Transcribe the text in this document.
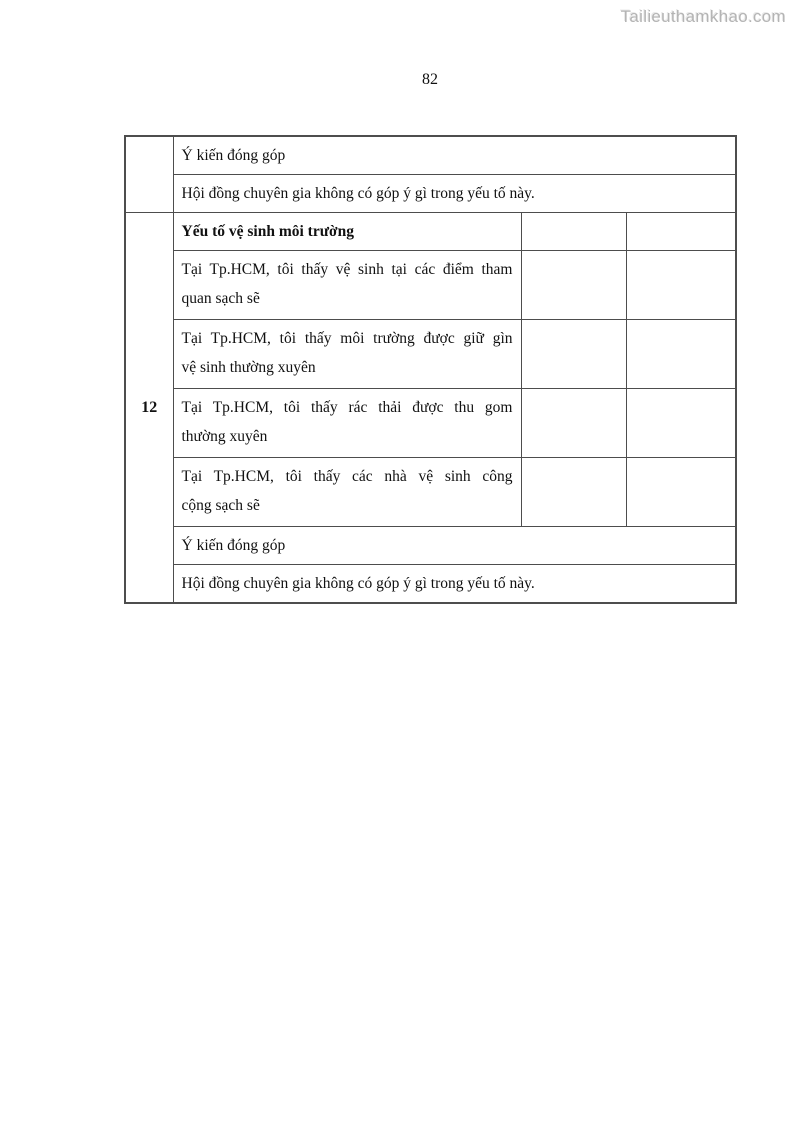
Tailieuthamkhao.com
82
	Ý kiến đóng góp		
	Hội đồng chuyên gia không có góp ý gì trong yếu tố này.		
12	Yếu tố vệ sinh môi trường		

	Tại Tp.HCM, tôi thấy vệ sinh tại các điểm tham
quan sạch sẽ		

	Tại Tp.HCM, tôi thấy môi trường được giữ gìn
vệ sinh thường xuyên		

	Tại Tp.HCM, tôi thấy rác thải được thu gom
thường xuyên		

	Tại Tp.HCM, tôi thấy các nhà vệ sinh công
cộng sạch sẽ		

	Ý kiến đóng góp		
	Hội đồng chuyên gia không có góp ý gì trong yếu tố này.		
